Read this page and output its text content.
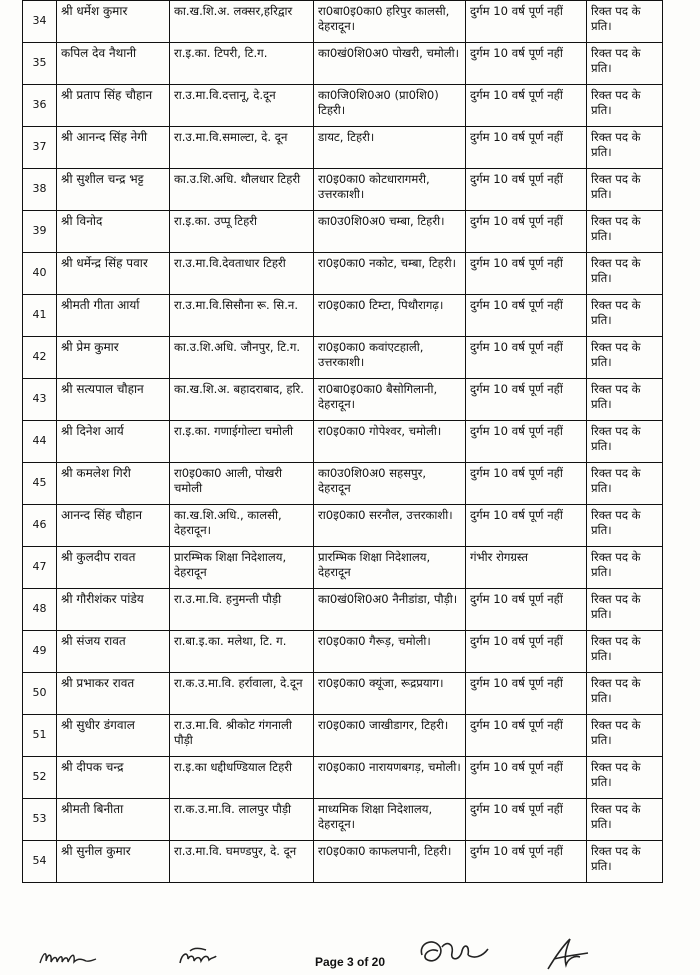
34	श्री धर्मेश कुमार	का.ख.शि.अ. लक्सर,हरिद्वार	रा0बा0इ0का0 हरिपुर कालसी, देहरादून।	दुर्गम 10 वर्ष पूर्ण नहीं	रिक्त पद के प्रति।
35	कपिल देव नैथानी	रा.इ.का. टिपरी, टि.ग.	का0खं0शि0अ0 पोखरी, चमोली।	दुर्गम 10 वर्ष पूर्ण नहीं	रिक्त पद के प्रति।
36	श्री प्रताप सिंह चौहान	रा.उ.मा.वि.दत्तानू, दे.दून	का0जि0शि0अ0 (प्रा0शि0) टिहरी।	दुर्गम 10 वर्ष पूर्ण नहीं	रिक्त पद के प्रति।
37	श्री आनन्द सिंह नेगी	रा.उ.मा.वि.समाल्टा, दे. दून	डायट, टिहरी।	दुर्गम 10 वर्ष पूर्ण नहीं	रिक्त पद के प्रति।
38	श्री सुशील चन्द्र भट्ट	का.उ.शि.अधि. थौलधार टिहरी	रा0इ0का0 कोटधारागमरी, उत्तरकाशी।	दुर्गम 10 वर्ष पूर्ण नहीं	रिक्त पद के प्रति।
39	श्री विनोद	रा.इ.का. उप्पू टिहरी	का0उ0शि0अ0 चम्बा, टिहरी।	दुर्गम 10 वर्ष पूर्ण नहीं	रिक्त पद के प्रति।
40	श्री धर्मेन्द्र सिंह पवार	रा.उ.मा.वि.देवताधार टिहरी	रा0इ0का0 नकोट, चम्बा, टिहरी।	दुर्गम 10 वर्ष पूर्ण नहीं	रिक्त पद के प्रति।
41	श्रीमती गीता आर्या	रा.उ.मा.वि.सिसौना रू. सि.न.	रा0इ0का0 टिम्टा, पिथौरागढ़।	दुर्गम 10 वर्ष पूर्ण नहीं	रिक्त पद के प्रति।
42	श्री प्रेम कुमार	का.उ.शि.अधि. जौनपुर, टि.ग.	रा0इ0का0 कवांएटहाली, उत्तरकाशी।	दुर्गम 10 वर्ष पूर्ण नहीं	रिक्त पद के प्रति।
43	श्री सत्यपाल चौहान	का.ख.शि.अ. बहादराबाद, हरि.	रा0बा0इ0का0 बैसोगिलानी, देहरादून।	दुर्गम 10 वर्ष पूर्ण नहीं	रिक्त पद के प्रति।
44	श्री दिनेश आर्य	रा.इ.का. गणाईगोल्टा चमोली	रा0इ0का0 गोपेश्वर, चमोली।	दुर्गम 10 वर्ष पूर्ण नहीं	रिक्त पद के प्रति।
45	श्री कमलेश गिरी	रा0इ0का0 आली, पोखरी चमोली	का0उ0शि0अ0 सहसपुर, देहरादून	दुर्गम 10 वर्ष पूर्ण नहीं	रिक्त पद के प्रति।
46	आनन्द सिंह चौहान	का.ख.शि.अधि., कालसी, देहरादून।	रा0इ0का0 सरनौल, उत्तरकाशी।	दुर्गम 10 वर्ष पूर्ण नहीं	रिक्त पद के प्रति।
47	श्री कुलदीप रावत	प्रारम्भिक शिक्षा निदेशालय, देहरादून	प्रारम्भिक शिक्षा निदेशालय, देहरादून	गंभीर रोगग्रस्त	रिक्त पद के प्रति।
48	श्री गौरीशंकर पांडेय	रा.उ.मा.वि. हनुमन्ती पौड़ी	का0खं0शि0अ0 नैनीडांडा, पौड़ी।	दुर्गम 10 वर्ष पूर्ण नहीं	रिक्त पद के प्रति।
49	श्री संजय रावत	रा.बा.इ.का. मलेथा, टि. ग.	रा0इ0का0 गैरूड़, चमोली।	दुर्गम 10 वर्ष पूर्ण नहीं	रिक्त पद के प्रति।
50	श्री प्रभाकर रावत	रा.क.उ.मा.वि. हर्रावाला, दे.दून	रा0इ0का0 क्यूंजा, रूद्रप्रयाग।	दुर्गम 10 वर्ष पूर्ण नहीं	रिक्त पद के प्रति।
51	श्री सुधीर डंगवाल	रा.उ.मा.वि. श्रीकोट गंगनाली पौड़ी	रा0इ0का0 जाखीडागर, टिहरी।	दुर्गम 10 वर्ष पूर्ण नहीं	रिक्त पद के प्रति।
52	श्री दीपक चन्द्र	रा.इ.का धद्दीधण्डियाल टिहरी	रा0इ0का0 नारायणबगड़, चमोली।	दुर्गम 10 वर्ष पूर्ण नहीं	रिक्त पद के प्रति।
53	श्रीमती बिनीता	रा.क.उ.मा.वि. लालपुर पौड़ी	माध्यमिक शिक्षा निदेशालय, देहरादून।	दुर्गम 10 वर्ष पूर्ण नहीं	रिक्त पद के प्रति।
54	श्री सुनील कुमार	रा.उ.मा.वि. घमण्डपुर, दे. दून	रा0इ0का0 काफलपानी, टिहरी।	दुर्गम 10 वर्ष पूर्ण नहीं	रिक्त पद के प्रति।
Page 3 of 20
